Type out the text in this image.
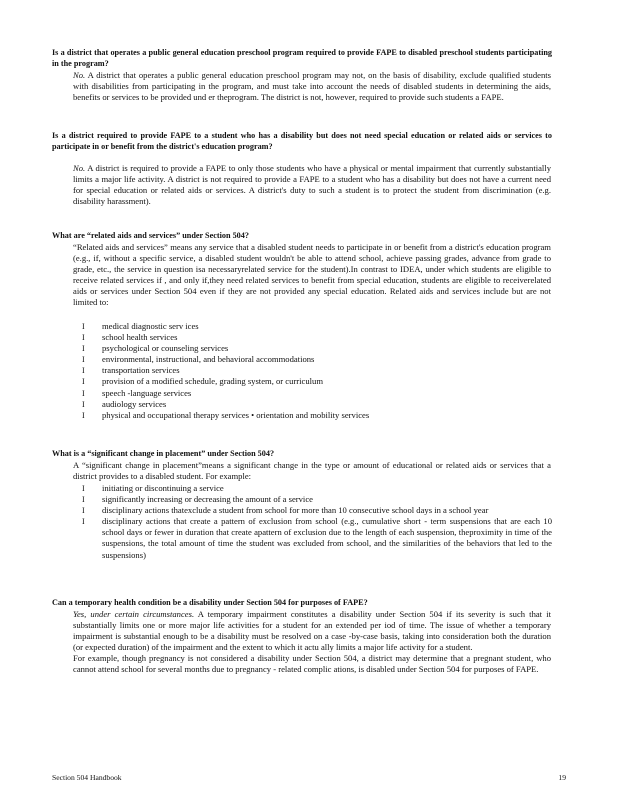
Is a district that operates a public general education preschool program required to provide FAPE to disabled preschool students participating in the program?

No. A district that operates a public general education preschool program may not, on the basis of disability, exclude qualified students with disabilities from participating in the program, and must take into account the needs of disabled students in determining the aids, benefits or services to be provided und er theprogram. The district is not, however, required to provide such students a FAPE.

Is a district required to provide FAPE to a student who has a disability but does not need special education or related aids or services to participate in or benefit from the district's education program?

No. A district is required to provide a FAPE to only those students who have a physical or mental impairment that currently substantially limits a major life activity. A district is not required to provide a FAPE to a student who has a disability but does not have a current need for special education or related aids or services. A district's duty to such a student is to protect the student from discrimination (e.g. disability harassment).

What are “related aids and services” under Section 504?

“Related aids and services” means any service that a disabled student needs to participate in or benefit from a district's education program (e.g., if, without a specific service, a disabled student wouldn't be able to attend school, achieve passing grades, advance from grade to grade, etc., the service in question isa necessaryrelated service for the student).In contrast to IDEA, under which students are eligible to receive related services if , and only if,they need related services to benefit from special education, students are eligible to receiverelated aids or services under Section 504 even if they are not provided any special education. Related aids and services include but are not limited to:

I	medical diagnostic serv ices
I	school health services
I	psychological or counseling services
I	environmental, instructional, and behavioral accommodations
I	transportation services
I	provision of a modified schedule, grading system, or curriculum
I	speech -language services
I	audiology services
I	physical and occupational therapy services • orientation and mobility services
What is a “significant change in placement” under Section 504?

A “significant change in placement”means a significant change in the type or amount of educational or related aids or services that a district provides to a disabled student. For example:

I	initiating or discontinuing a service
I	significantly increasing or decreasing the amount of a service
I	disciplinary actions thatexclude a student from school for more than 10 consecutive school days in a school year
I	disciplinary actions that create a pattern of exclusion from school (e.g., cumulative short - term suspensions that are each 10 school days or fewer in duration that create apattern of exclusion due to the length of each suspension, theproximity in time of the suspensions, the total amount of time the student was excluded from school, and the similarities of the behaviors that led to the suspensions)
Can a temporary health condition be a disability under Section 504 for purposes of FAPE?

Yes, under certain circumstances. A temporary impairment constitutes a disability under Section 504 if its severity is such that it substantially limits one or more major life activities for a student for an extended per iod of time. The issue of whether a temporary impairment is substantial enough to be a disability must be resolved on a case -by-case basis, taking into consideration both the duration (or expected duration) of the impairment and the extent to which it actu ally limits a major life activity for a student.

For example, though pregnancy is not considered a disability under Section 504, a district may determine that a pregnant student, who cannot attend school for several months due to pregnancy - related complic ations, is disabled under Section 504 for purposes of FAPE.

Section 504 Handbook	19
